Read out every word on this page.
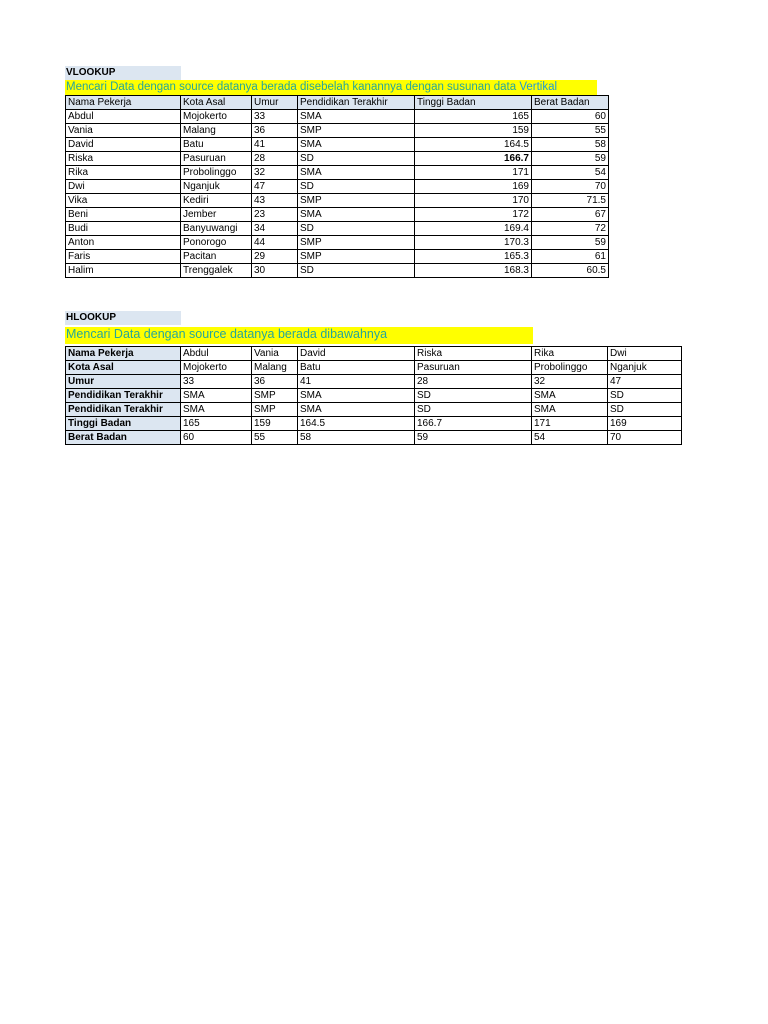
VLOOKUP
Mencari Data dengan source datanya berada disebelah kanannya dengan susunan data Vertikal
Nama Pekerja	Kota Asal	Umur	Pendidikan Terakhir	Tinggi Badan	Berat Badan
Abdul	Mojokerto	33	SMA	165	60
Vania	Malang	36	SMP	159	55
David	Batu	41	SMA	164.5	58
Riska	Pasuruan	28	SD	166.7	59
Rika	Probolinggo	32	SMA	171	54
Dwi	Nganjuk	47	SD	169	70
Vika	Kediri	43	SMP	170	71.5
Beni	Jember	23	SMA	172	67
Budi	Banyuwangi	34	SD	169.4	72
Anton	Ponorogo	44	SMP	170.3	59
Faris	Pacitan	29	SMP	165.3	61
Halim	Trenggalek	30	SD	168.3	60.5
HLOOKUP
Mencari Data dengan source datanya berada dibawahnya
Nama Pekerja	Abdul	Vania	David	Riska	Rika	Dwi
Kota Asal	Mojokerto	Malang	Batu	Pasuruan	Probolinggo	Nganjuk
Umur	33	36	41	28	32	47
Pendidikan Terakhir	SMA	SMP	SMA	SD	SMA	SD
Pendidikan Terakhir	SMA	SMP	SMA	SD	SMA	SD
Tinggi Badan	165	159	164.5	166.7	171	169
Berat Badan	60	55	58	59	54	70
